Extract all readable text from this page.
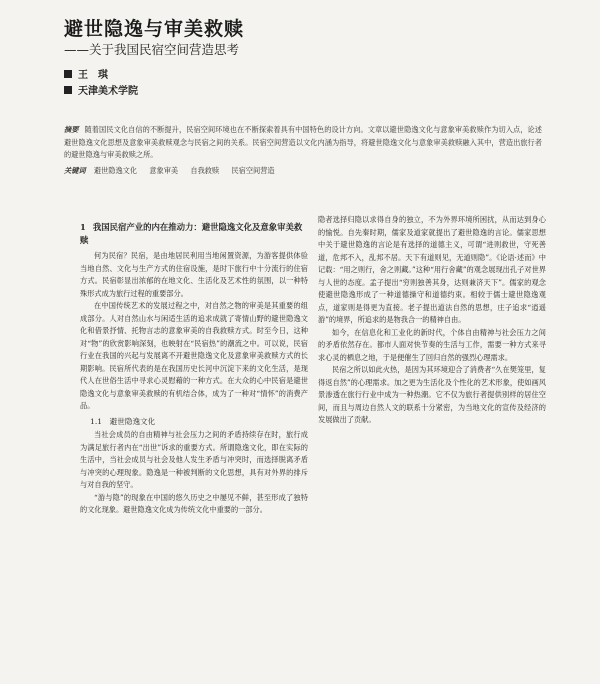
避世隐逸与审美救赎
——关于我国民宿空间营造思考
王　琪
天津美术学院
摘要 随着国民文化自信的不断提升，民宿空间环境也在不断探索着具有中国特色的设计方向。文章以避世隐逸文化与意象审美救赎作为切入点，论述避世隐逸文化思想及意象审美救赎观念与民宿之间的关系。民宿空间营造以文化内涵为指导，将避世隐逸文化与意象审美救赎融入其中，营造出旅行者的避世隐逸与审美救赎之所。
关键词 避世隐逸文化 意象审美 自我救赎 民宿空间营造
1 我国民宿产业的内在推动力：避世隐逸文化及意象审美救赎

何为民宿？民宿，是由地居民利用当地闲置资源，为游客提供体验当地自然、文化与生产方式的住宿设施，是时下旅行中十分流行的住宿方式。民宿彰显出浓郁的在地文化、生活化及艺术性的氛围，以一种特殊形式成为旅行过程的重要部分。

在中国传统艺术的发展过程之中，对自然之物的审美是其重要的组成部分。人对自然山水与闲适生活的追求成就了寄情山野的避世隐逸文化和借景抒情、托物言志的意象审美的自我救赎方式。时至今日，这种对“物”的欣赏影响深刻，也映射在“民宿热”的潮流之中。可以说，民宿行业在我国的兴起与发展离不开避世隐逸文化及意象审美救赎方式的长期影响。民宿所代表的是在我国历史长河中沉淀下来的文化生活，是现代人在世俗生活中寻求心灵慰藉的一种方式。在大众的心中民宿是避世隐逸文化与意象审美救赎的有机结合体，成为了一种对“情怀”的消费产品。

1.1　 避世隐逸文化

当社会成员的自由精神与社会压力之间的矛盾持续存在时，旅行成为满足旅行者内在“出世”诉求的重要方式。所谓隐逸文化，即在实际的生活中，当社会成员与社会及他人发生矛盾与冲突时，而选择脱离矛盾与冲突的心理现象。隐逸是一种被判断的文化思想，具有对外界的排斥与对自我的坚守。

“游与隐”的现象在中国的悠久历史之中屡见不鲜，甚至形成了独特的文化现象。避世隐逸文化成为传统文化中重要的一部分。

隐者选择归隐以求得自身的独立，不为外界环境所困扰，从而达到身心的愉悦。自先秦时期，儒家及道家就提出了避世隐逸的言论。儒家思想中关于避世隐逸的言论是有选择的道德主义，可谓“进则救世，守死善道，危邦不入，乱邦不居。天下有道则见，无道则隐”。《论语·述而》中记载：“用之则行，舍之则藏。”这种“用行舍藏”的观念展现出孔子对世界与人世的态度。孟子提出“穷则独善其身，达则兼济天下”。儒家的观念使避世隐逸形成了一种道德操守和道德约束。相较于儒士避世隐逸观点，道家则是得更为直接。老子提出道法自然的思想，庄子追求“逍遥游”的境界，所追求的是物我合一的精神自由。

如今，在信息化和工业化的新时代，个体自由精神与社会压力之间的矛盾依然存在。都市人面对快节奏的生活与工作，需要一种方式来寻求心灵的栖息之地，于是便催生了回归自然的强烈心理需求。

民宿之所以如此火热，是因为其环境迎合了消费者“久在樊笼里，复得返自然”的心理需求。加之更为生活化及个性化的艺术形象，使如画风景渗透在旅行行业中成为一种热潮。它不仅为旅行者提供别样的居住空间，而且与周边自然人文的联系十分紧密，为当地文化的宣传及经济的发展做出了贡献。
